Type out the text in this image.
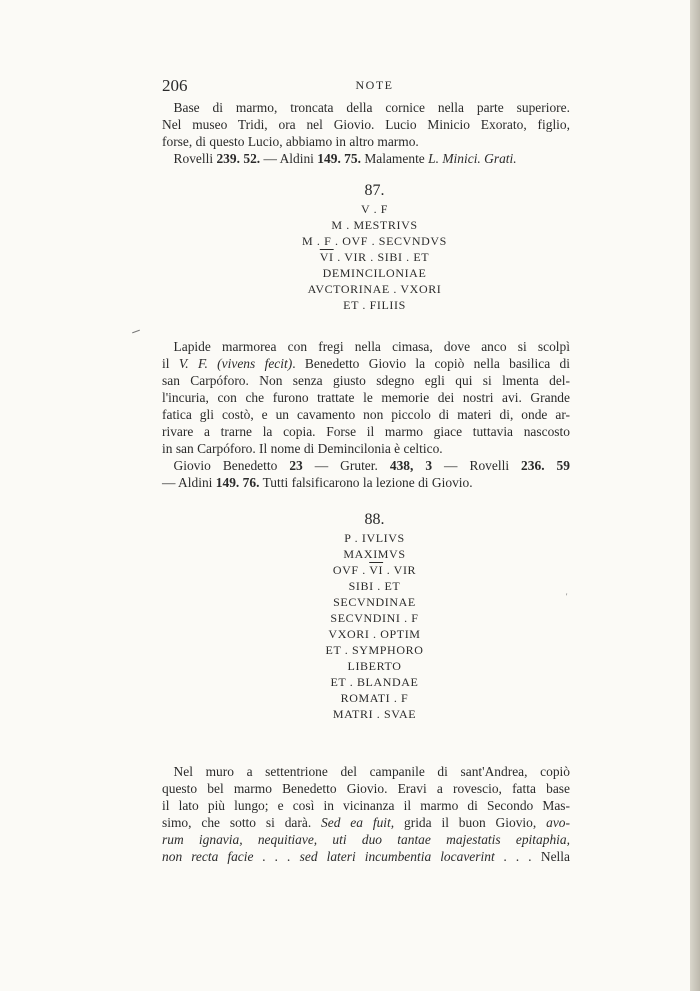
'
206	NOTE

Base di marmo, troncata della cornice nella parte superiore.

Nel museo Tridi, ora nel Giovio. Lucio Minicio Exorato, figlio,

forse, di questo Lucio, abbiamo in altro marmo.

Rovelli 239. 52. — Aldini 149. 75. Malamente L. Minici. Grati.

87.
V . F
M . MESTRIVS
M . F . OVF . SECVNDVS
$\overline{VI}$ . VIR . SIBI . ET
DEMINCILONIAE
AVCTORINAE . VXORI
ET . FILIIS

Lapide marmorea con fregi nella cimasa, dove anco si scolpì

il V. F. (vivens fecit). Benedetto Giovio la copiò nella basilica di

san Carpóforo. Non senza giusto sdegno egli qui si lmenta del-

l'incuria, con che furono trattate le memorie dei nostri avi. Grande

fatica gli costò, e un cavamento non piccolo di materi di, onde ar-

rivare a trarne la copia. Forse il marmo giace tuttavia nascosto

in san Carpóforo. Il nome di Demincilonia è celtico.

Giovio Benedetto 23 — Gruter. 438, 3 — Rovelli 236. 59

— Aldini 149. 76. Tutti falsificarono la lezione di Giovio.

88.
P . IVLIVS
MAXIMVS
OVF . $\overline{VI}$ . VIR
SIBI . ET
SECVNDINAE
SECVNDINI . F
VXORI . OPTIM
ET . SYMPHORO
LIBERTO
ET . BLANDAE
ROMATI . F
MATRI . SVAE

Nel muro a settentrione del campanile di sant'Andrea, copiò

questo bel marmo Benedetto Giovio. Eravi a rovescio, fatta base

il lato più lungo; e così in vicinanza il marmo di Secondo Mas-

simo, che sotto si darà. Sed ea fuit, grida il buon Giovio, avo-

rum ignavia, nequitiave, uti duo tantae majestatis epitaphia,

non recta facie . . . sed lateri incumbentia locaverint . . . Nella
